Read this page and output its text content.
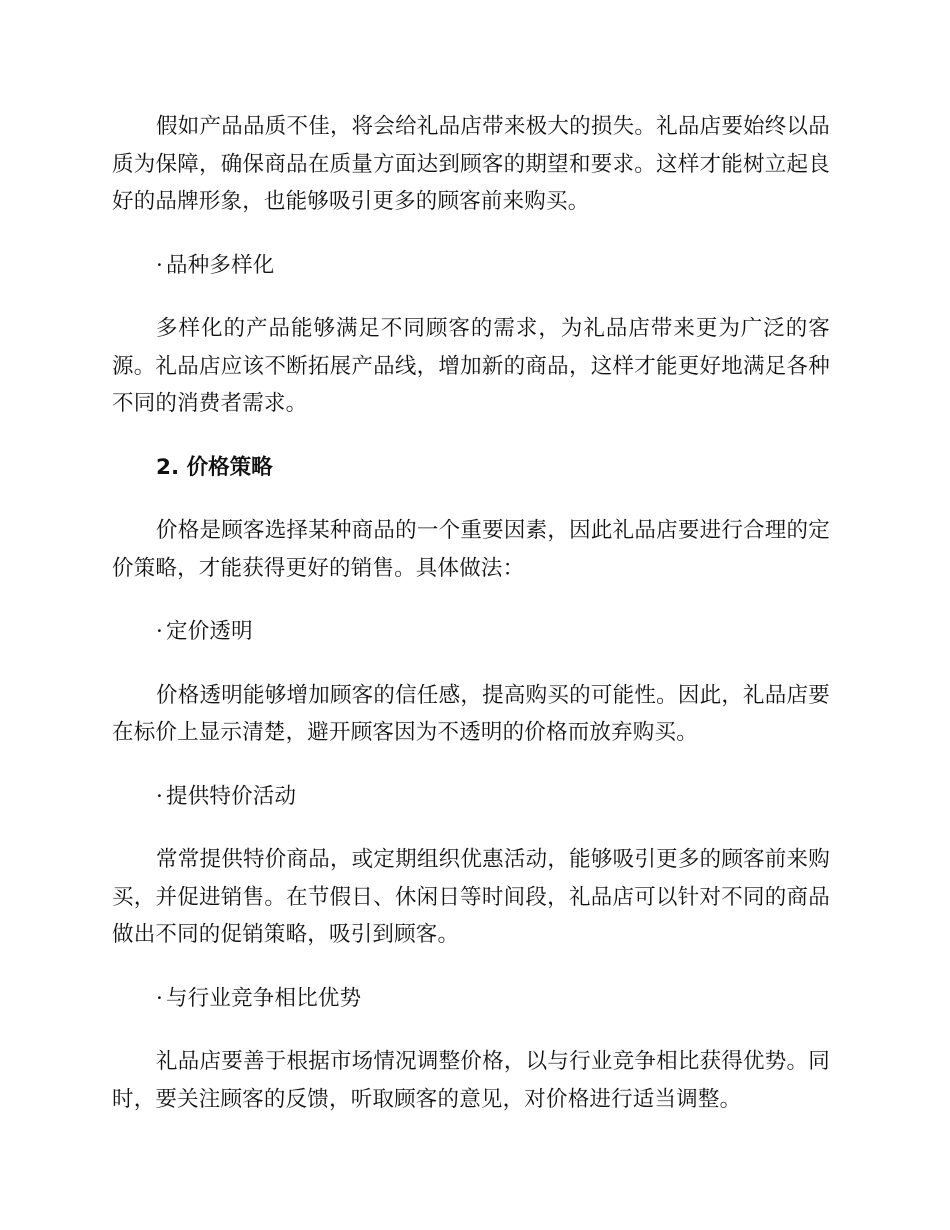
假如产品品质不佳，将会给礼品店带来极大的损失。礼品店要始终以品质为保障，确保商品在质量方面达到顾客的期望和要求。这样才能树立起良好的品牌形象，也能够吸引更多的顾客前来购买。

· 品种多样化

多样化的产品能够满足不同顾客的需求，为礼品店带来更为广泛的客源。礼品店应该不断拓展产品线，增加新的商品，这样才能更好地满足各种不同的消费者需求。

2. 价格策略

价格是顾客选择某种商品的一个重要因素，因此礼品店要进行合理的定价策略，才能获得更好的销售。具体做法：

· 定价透明

价格透明能够增加顾客的信任感，提高购买的可能性。因此，礼品店要在标价上显示清楚，避开顾客因为不透明的价格而放弃购买。

· 提供特价活动

常常提供特价商品，或定期组织优惠活动，能够吸引更多的顾客前来购买，并促进销售。在节假日、休闲日等时间段，礼品店可以针对不同的商品做出不同的促销策略，吸引到顾客。

· 与行业竞争相比优势

礼品店要善于根据市场情况调整价格，以与行业竞争相比获得优势。同时，要关注顾客的反馈，听取顾客的意见，对价格进行适当调整。
